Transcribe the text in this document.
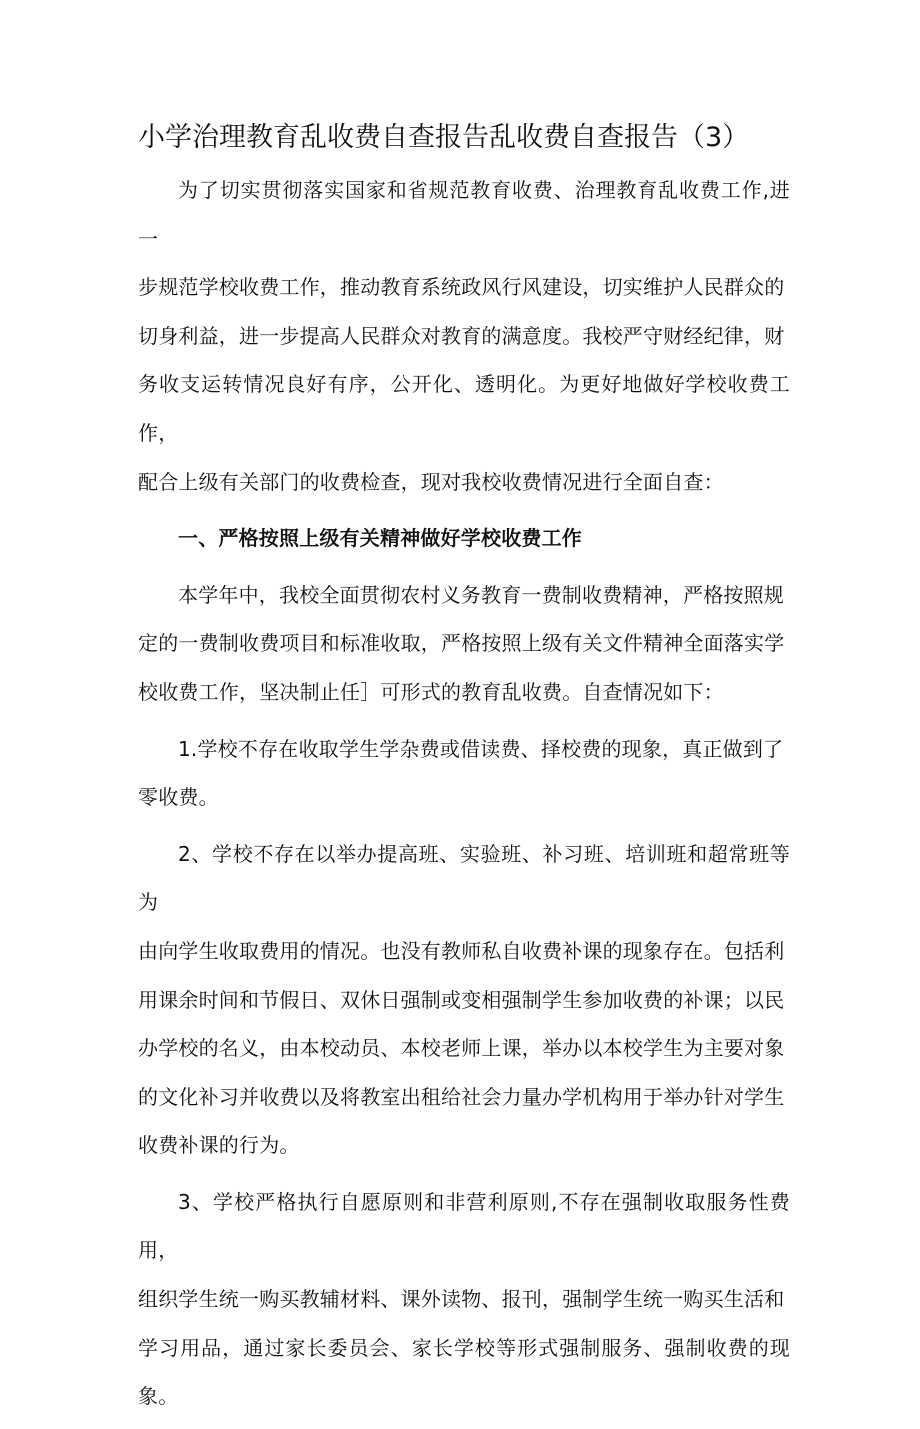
小学治理教育乱收费自查报告乱收费自查报告（3）

为了切实贯彻落实国家和省规范教育收费、治理教育乱收费工作,进一
步规范学校收费工作，推动教育系统政风行风建设，切实维护人民群众的
切身利益，进一步提高人民群众对教育的满意度。我校严守财经纪律，财
务收支运转情况良好有序，公开化、透明化。为更好地做好学校收费工作，
配合上级有关部门的收费检查，现对我校收费情况进行全面自查：

一、严格按照上级有关精神做好学校收费工作

本学年中，我校全面贯彻农村义务教育一费制收费精神，严格按照规
定的一费制收费项目和标准收取，严格按照上级有关文件精神全面落实学
校收费工作，坚决制止任］可形式的教育乱收费。自查情况如下：

1.学校不存在收取学生学杂费或借读费、择校费的现象，真正做到了
零收费。

2、学校不存在以举办提高班、实验班、补习班、培训班和超常班等为
由向学生收取费用的情况。也没有教师私自收费补课的现象存在。包括利
用课余时间和节假日、双休日强制或变相强制学生参加收费的补课；以民
办学校的名义，由本校动员、本校老师上课，举办以本校学生为主要对象
的文化补习并收费以及将教室出租给社会力量办学机构用于举办针对学生
收费补课的行为。

3、学校严格执行自愿原则和非营利原则,不存在强制收取服务性费用，
组织学生统一购买教辅材料、课外读物、报刊，强制学生统一购买生活和
学习用品，通过家长委员会、家长学校等形式强制服务、强制收费的现象。
